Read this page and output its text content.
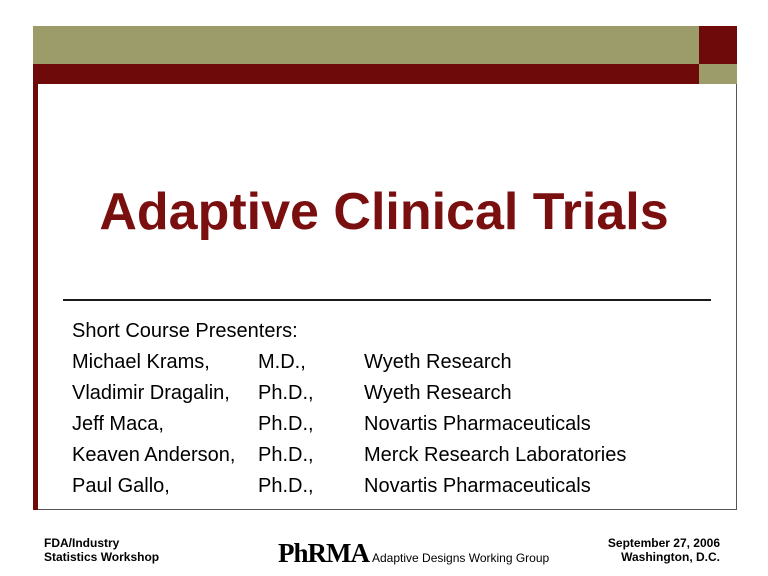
Adaptive Clinical Trials
Short Course Presenters:
Michael Krams, M.D.,	Wyeth Research
Vladimir Dragalin, Ph.D.,	Wyeth Research
Jeff Maca,	Ph.D.,	Novartis Pharmaceuticals
Keaven Anderson, Ph.D.,	Merck Research Laboratories
Paul Gallo,	Ph.D.,	Novartis Pharmaceuticals
FDA/Industry
Statistics Workshop	PhRMA Adaptive Designs Working Group
September 27, 2006
Washington, D.C.
